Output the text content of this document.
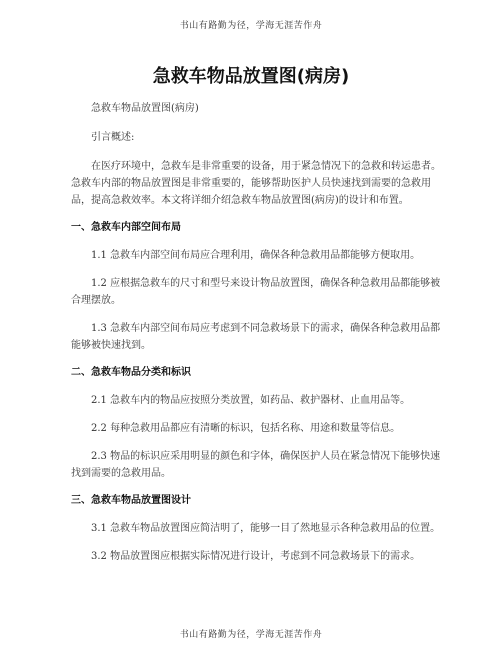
书山有路勤为径，学海无涯苦作舟
急救车物品放置图(病房)

急救车物品放置图(病房)

引言概述:

在医疗环境中，急救车是非常重要的设备，用于紧急情况下的急救和转运患者。急救车内部的物品放置图是非常重要的，能够帮助医护人员快速找到需要的急救用品，提高急救效率。本文将详细介绍急救车物品放置图(病房)的设计和布置。

一、急救车内部空间布局

1.1 急救车内部空间布局应合理利用，确保各种急救用品都能够方便取用。

1.2 应根据急救车的尺寸和型号来设计物品放置图，确保各种急救用品都能够被合理摆放。

1.3 急救车内部空间布局应考虑到不同急救场景下的需求，确保各种急救用品都能够被快速找到。

二、急救车物品分类和标识

2.1 急救车内的物品应按照分类放置，如药品、救护器材、止血用品等。

2.2 每种急救用品都应有清晰的标识，包括名称、用途和数量等信息。

2.3 物品的标识应采用明显的颜色和字体，确保医护人员在紧急情况下能够快速找到需要的急救用品。

三、急救车物品放置图设计

3.1 急救车物品放置图应简洁明了，能够一目了然地显示各种急救用品的位置。

3.2 物品放置图应根据实际情况进行设计，考虑到不同急救场景下的需求。

书山有路勤为径，学海无涯苦作舟
